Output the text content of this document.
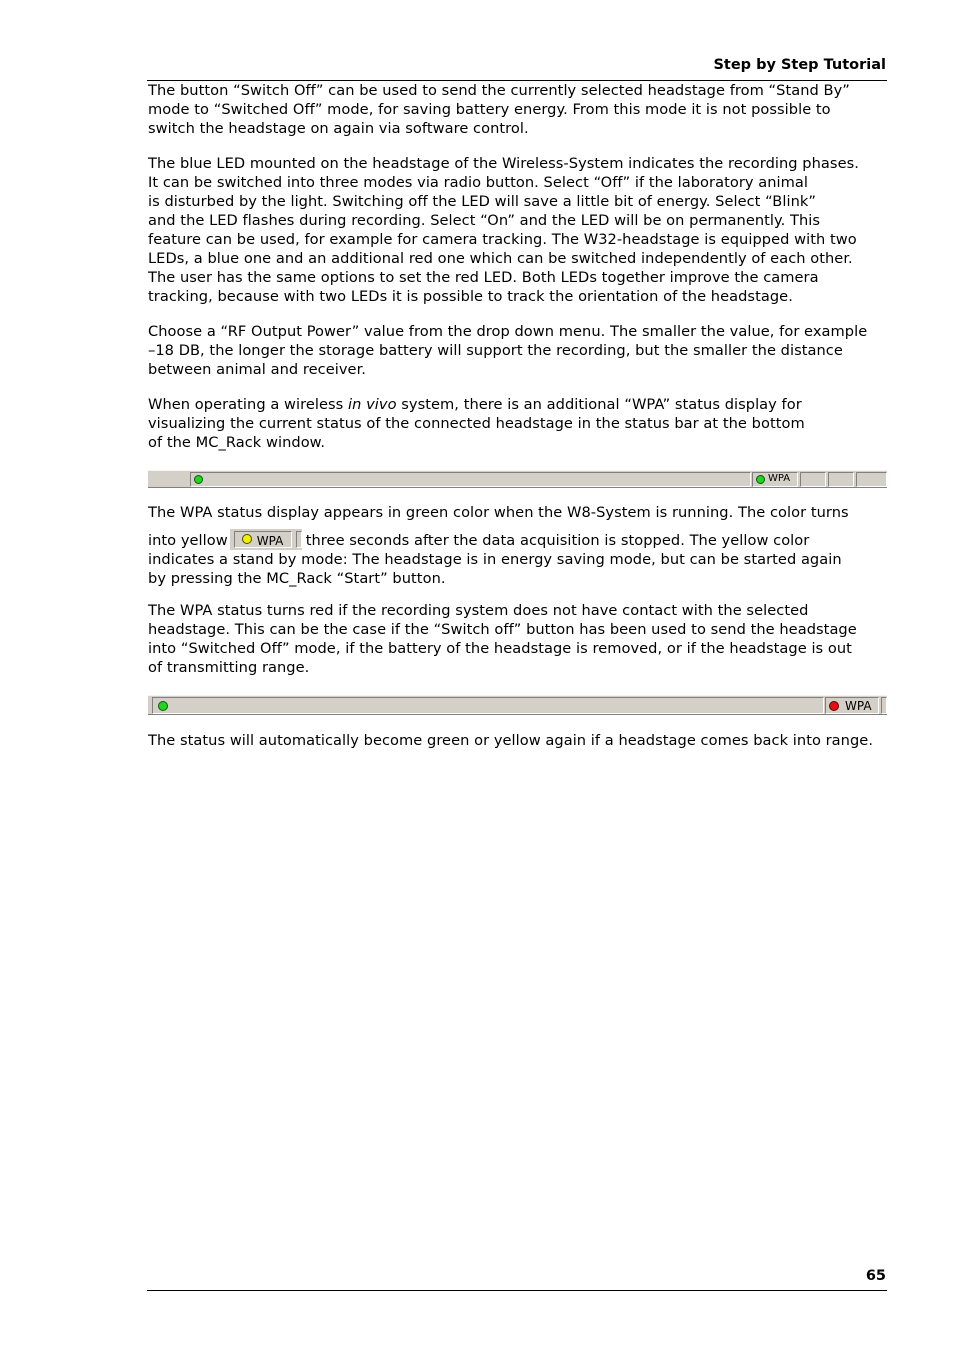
Step by Step Tutorial
The button “Switch Off” can be used to send the currently selected headstage from “Stand By”
mode to “Switched Off” mode, for saving battery energy. From this mode it is not possible to
switch the headstage on again via software control.
The blue LED mounted on the headstage of the Wireless-System indicates the recording phases.
It can be switched into three modes via radio button. Select “Off” if the laboratory animal
is disturbed by the light. Switching off the LED will save a little bit of energy. Select “Blink”
and the LED flashes during recording. Select “On” and the LED will be on permanently. This
feature can be used, for example for camera tracking. The W32-headstage is equipped with two
LEDs, a blue one and an additional red one which can be switched independently of each other.
The user has the same options to set the red LED. Both LEDs together improve the camera
tracking, because with two LEDs it is possible to track the orientation of the headstage.
Choose a “RF Output Power” value from the drop down menu. The smaller the value, for example
–18 DB, the longer the storage battery will support the recording, but the smaller the distance
between animal and receiver.
When operating a wireless in vivo system, there is an additional “WPA” status display for
visualizing the current status of the connected headstage in the status bar at the bottom
of the MC_Rack window.
WPA
The WPA status display appears in green color when the W8-System is running. The color turns
into yellow WPA three seconds after the data acquisition is stopped. The yellow color
indicates a stand by mode: The headstage is in energy saving mode, but can be started again
by pressing the MC_Rack “Start” button.
The WPA status turns red if the recording system does not have contact with the selected
headstage. This can be the case if the “Switch off” button has been used to send the headstage
into “Switched Off” mode, if the battery of the headstage is removed, or if the headstage is out
of transmitting range.
WPA
The status will automatically become green or yellow again if a headstage comes back into range.
65
